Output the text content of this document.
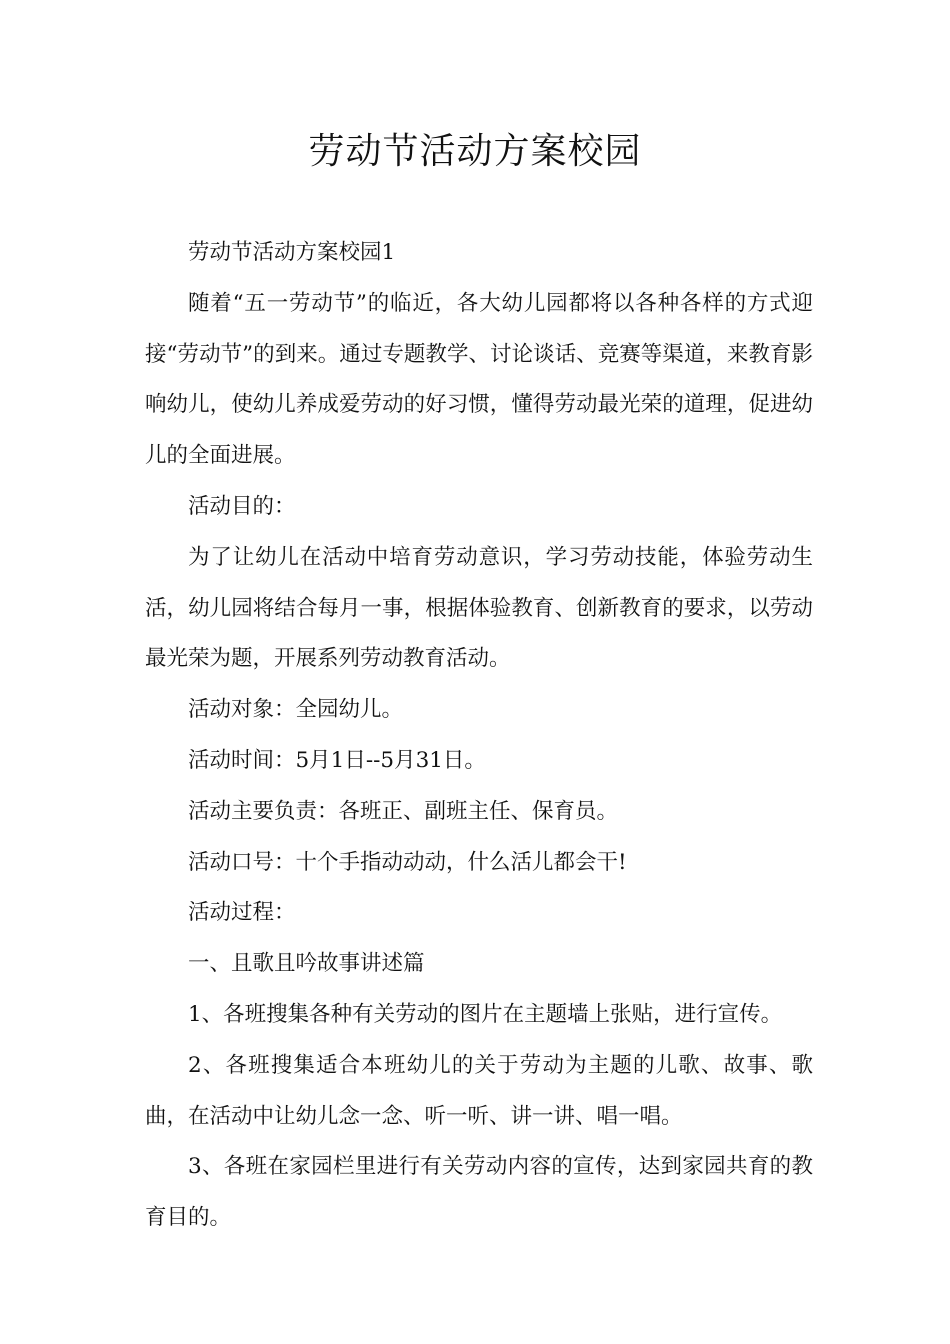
劳动节活动方案校园

劳动节活动方案校园1

随着“五一劳动节”的临近，各大幼儿园都将以各种各样的方式迎接“劳动节”的到来。通过专题教学、讨论谈话、竞赛等渠道，来教育影响幼儿，使幼儿养成爱劳动的好习惯，懂得劳动最光荣的道理，促进幼儿的全面进展。

活动目的：

为了让幼儿在活动中培育劳动意识，学习劳动技能，体验劳动生活，幼儿园将结合每月一事，根据体验教育、创新教育的要求，以劳动最光荣为题，开展系列劳动教育活动。

活动对象：全园幼儿。

活动时间：5月1日--5月31日。

活动主要负责：各班正、副班主任、保育员。

活动口号：十个手指动动动，什么活儿都会干!

活动过程：

一、且歌且吟故事讲述篇

1、各班搜集各种有关劳动的图片在主题墙上张贴，进行宣传。

2、各班搜集适合本班幼儿的关于劳动为主题的儿歌、故事、歌曲，在活动中让幼儿念一念、听一听、讲一讲、唱一唱。

3、各班在家园栏里进行有关劳动内容的宣传，达到家园共育的教育目的。
